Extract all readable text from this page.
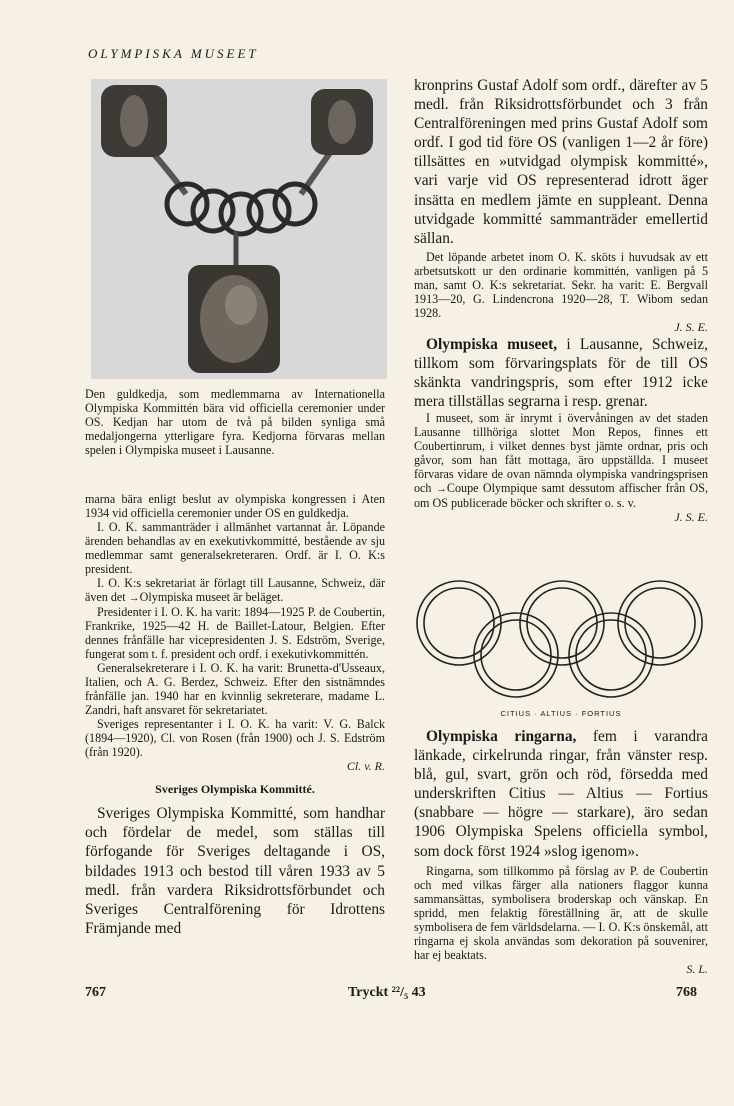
OLYMPISKA MUSEET

Den guldkedja, som medlemmarna av Internationella Olympiska Kommittén bära vid officiella ceremonier under OS. Kedjan har utom de två på bilden synliga små medaljongerna ytterligare fyra. Kedjorna förvaras mellan spelen i Olympiska museet i Lausanne.

marna bära enligt beslut av olympiska kongressen i Aten 1934 vid officiella ceremonier under OS en guldkedja.

I. O. K. sammanträder i allmänhet vartannat år. Löpande ärenden behandlas av en exekutivkommitté, bestående av sju medlemmar samt generalsekreteraren. Ordf. är I. O. K:s president.

I. O. K:s sekretariat är förlagt till Lausanne, Schweiz, där även det →Olympiska museet är beläget.

Presidenter i I. O. K. ha varit: 1894—1925 P. de Coubertin, Frankrike, 1925—42 H. de Baillet-Latour, Belgien. Efter dennes frånfälle har vicepresidenten J. S. Edström, Sverige, fungerat som t. f. president och ordf. i exekutivkommittén.

Generalsekreterare i I. O. K. ha varit: Brunetta-d'Usseaux, Italien, och A. G. Berdez, Schweiz. Efter den sistnämndes frånfälle jan. 1940 har en kvinnlig sekreterare, madame L. Zandri, haft ansvaret för sekretariatet.

Sveriges representanter i I. O. K. ha varit: V. G. Balck (1894—1920), Cl. von Rosen (från 1900) och J. S. Edström (från 1920).

Cl. v. R.

Sveriges Olympiska Kommitté.

Sveriges Olympiska Kommitté, som handhar och fördelar de medel, som ställas till förfogande för Sveriges deltagande i OS, bildades 1913 och bestod till våren 1933 av 5 medl. från vardera Riksidrottsförbundet och Sveriges Centralförening för Idrottens Främjande med

kronprins Gustaf Adolf som ordf., därefter av 5 medl. från Riksidrottsförbundet och 3 från Centralföreningen med prins Gustaf Adolf som ordf. I god tid före OS (vanligen 1—2 år före) tillsättes en »utvidgad olympisk kommitté», vari varje vid OS representerad idrott äger insätta en medlem jämte en suppleant. Denna utvidgade kommitté sammanträder emellertid sällan.

Det löpande arbetet inom O. K. sköts i huvudsak av ett arbetsutskott ur den ordinarie kommittén, vanligen på 5 man, samt O. K:s sekretariat. Sekr. ha varit: E. Bergvall 1913—20, G. Lindencrona 1920—28, T. Wibom sedan 1928.

J. S. E.

Olympiska museet, i Lausanne, Schweiz, tillkom som förvaringsplats för de till OS skänkta vandringspris, som efter 1912 icke mera tillställas segrarna i resp. grenar.

I museet, som är inrymt i övervåningen av det staden Lausanne tillhöriga slottet Mon Repos, finnes ett Coubertinrum, i vilket dennes byst jämte ordnar, pris och gåvor, som han fått mottaga, äro uppställda. I museet förvaras vidare de ovan nämnda olympiska vandringsprisen och →Coupe Olympique samt dessutom affischer från OS, om OS publicerade böcker och skrifter o. s. v.

J. S. E.

CITIUS · ALTIUS · FORTIUS

Olympiska ringarna, fem i varandra länkade, cirkelrunda ringar, från vänster resp. blå, gul, svart, grön och röd, försedda med underskriften Citius — Altius — Fortius (snabbare — högre — starkare), äro sedan 1906 Olympiska Spelens officiella symbol, som dock först 1924 »slog igenom».

Ringarna, som tillkommo på förslag av P. de Coubertin och med vilkas färger alla nationers flaggor kunna sammansättas, symbolisera broderskap och vänskap. En spridd, men felaktig föreställning är, att de skulle symbolisera de fem världsdelarna. — I. O. K:s önskemål, att ringarna ej skola användas som dekoration på souvenirer, har ej beaktats.

S. L.

767	Tryckt ²²/₅ 43	768
